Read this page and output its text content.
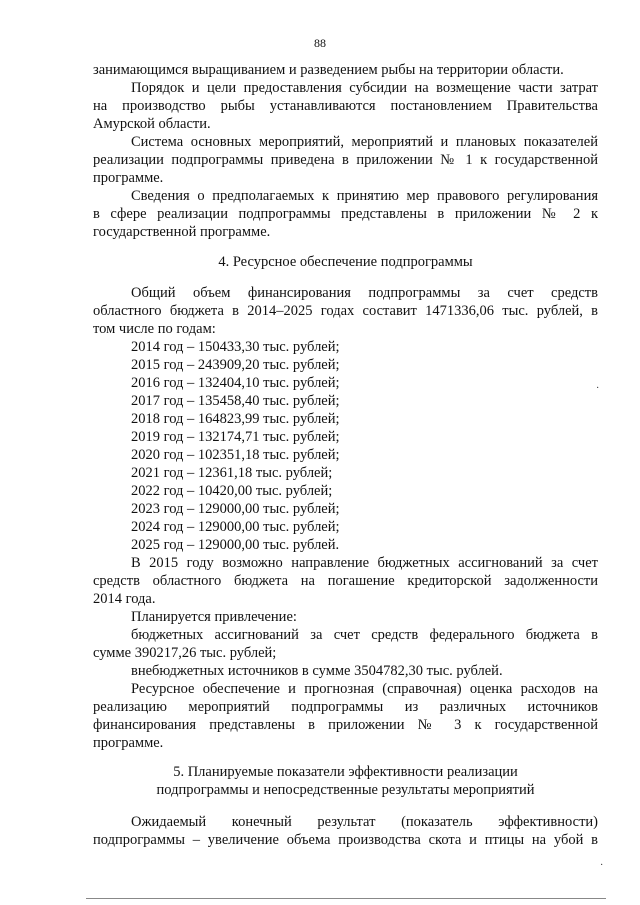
88
занимающимся выращиванием и разведением рыбы на территории области.
Порядок и цели предоставления субсидии на возмещение части затрат
на производство рыбы устанавливаются постановлением Правительства
Амурской области.
Система основных мероприятий, мероприятий и плановых показателей
реализации подпрограммы приведена в приложении № 1 к государственной
программе.
Сведения о предполагаемых к принятию мер правового регулирования
в сфере реализации подпрограммы представлены в приложении № 2 к
государственной программе.
4. Ресурсное обеспечение подпрограммы
Общий объем финансирования подпрограммы за счет средств
областного бюджета в 2014–2025 годах составит 1471336,06 тыс. рублей, в
том числе по годам:
2014 год – 150433,30 тыс. рублей;
2015 год – 243909,20 тыс. рублей;
2016 год – 132404,10 тыс. рублей;
2017 год – 135458,40 тыс. рублей;
2018 год – 164823,99 тыс. рублей;
2019 год – 132174,71 тыс. рублей;
2020 год – 102351,18 тыс. рублей;
2021 год – 12361,18 тыс. рублей;
2022 год – 10420,00 тыс. рублей;
2023 год – 129000,00 тыс. рублей;
2024 год – 129000,00 тыс. рублей;
2025 год – 129000,00 тыс. рублей.
В 2015 году возможно направление бюджетных ассигнований за счет
средств областного бюджета на погашение кредиторской задолженности
2014 года.
Планируется привлечение:
бюджетных ассигнований за счет средств федерального бюджета в
сумме 390217,26 тыс. рублей;
внебюджетных источников в сумме 3504782,30 тыс. рублей.
Ресурсное обеспечение и прогнозная (справочная) оценка расходов на
реализацию мероприятий подпрограммы из различных источников
финансирования представлены в приложении № 3 к государственной
программе.
5. Планируемые показатели эффективности реализации
подпрограммы и непосредственные результаты мероприятий
Ожидаемый конечный результат (показатель эффективности)
подпрограммы – увеличение объема производства скота и птицы на убой в
·
·
